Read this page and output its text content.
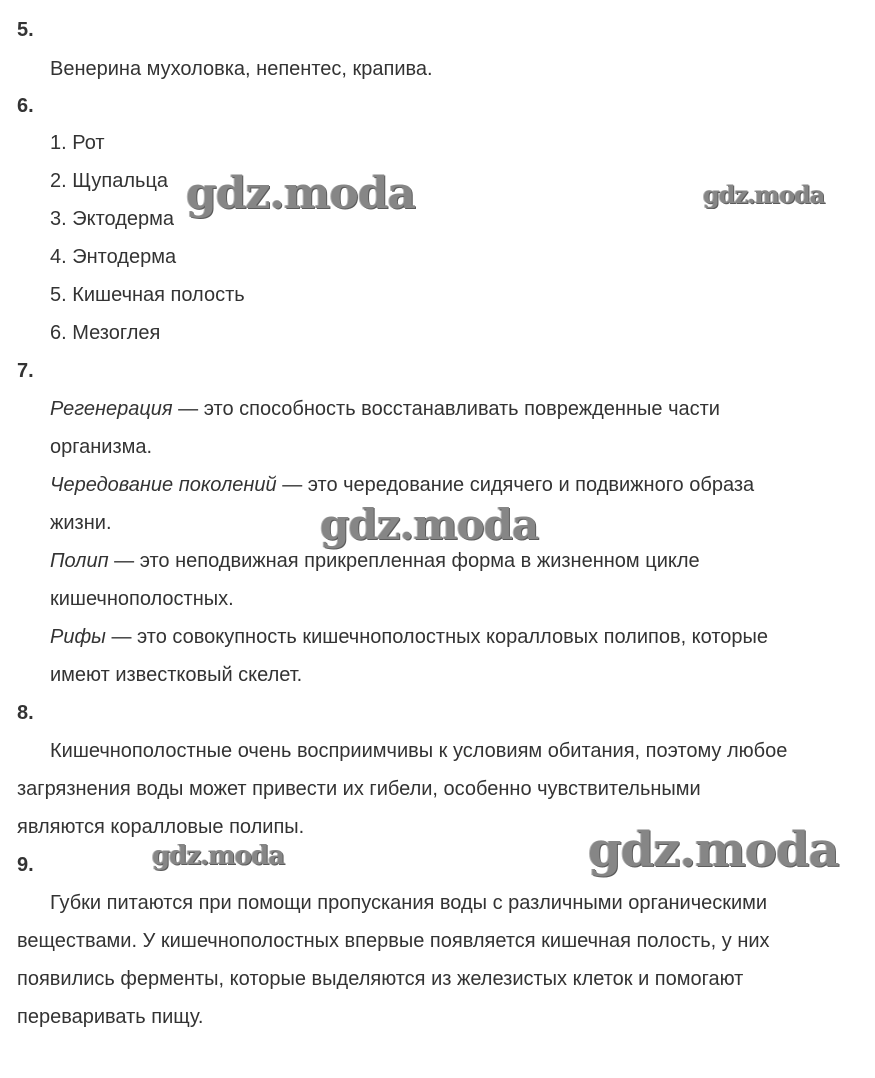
5.
Венерина мухоловка, непентес, крапива.
6.
1. Рот
2. Щупальца
3. Эктодерма
4. Энтодерма
5. Кишечная полость
6. Мезоглея
7.
Регенерация — это способность восстанавливать поврежденные части
организма.
Чередование поколений — это чередование сидячего и подвижного образа
жизни.
Полип — это неподвижная прикрепленная форма в жизненном цикле
кишечнополостных.
Рифы — это совокупность кишечнополостных коралловых полипов, которые
имеют известковый скелет.
8.
Кишечнополостные очень восприимчивы к условиям обитания, поэтому любое
загрязнения воды может привести их гибели, особенно чувствительными
являются коралловые полипы.
9.
Губки питаются при помощи пропускания воды с различными органическими
веществами. У кишечнополостных впервые появляется кишечная полость, у них
появились ферменты, которые выделяются из железистых клеток и помогают
переваривать пищу.
gdz.moda	gdz.moda
gdz.moda
gdz.moda	gdz.moda
